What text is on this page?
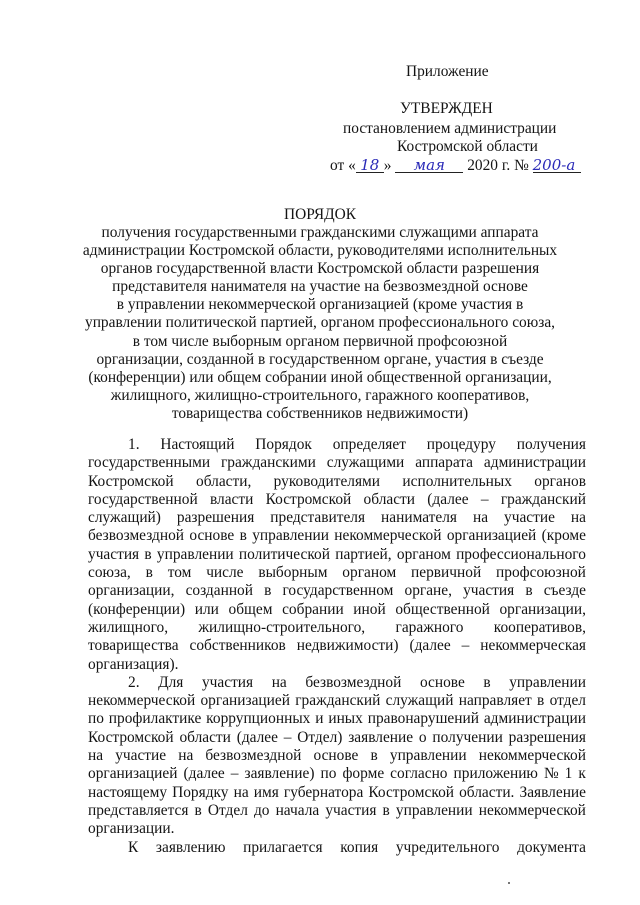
Приложение
УТВЕРЖДЕН
постановлением администрации
Костромской области
от « 18 » мая 2020 г. № 200-а
ПОРЯДОК
получения государственными гражданскими служащими аппарата
администрации Костромской области, руководителями исполнительных
органов государственной власти Костромской области разрешения
представителя нанимателя на участие на безвозмездной основе
в управлении некоммерческой организацией (кроме участия в
управлении политической партией, органом профессионального союза,
в том числе выборным органом первичной профсоюзной
организации, созданной в государственном органе, участия в съезде
(конференции) или общем собрании иной общественной организации,
жилищного, жилищно-строительного, гаражного кооперативов,
товарищества собственников недвижимости)
1. Настоящий Порядок определяет процедуру получения
государственными гражданскими служащими аппарата администрации
Костромской области, руководителями исполнительных органов
государственной власти Костромской области (далее – гражданский
служащий) разрешения представителя нанимателя на участие на
безвозмездной основе в управлении некоммерческой организацией (кроме
участия в управлении политической партией, органом профессионального
союза, в том числе выборным органом первичной профсоюзной
организации, созданной в государственном органе, участия в съезде
(конференции) или общем собрании иной общественной организации,
жилищного, жилищно-строительного, гаражного кооперативов,
товарищества собственников недвижимости) (далее – некоммерческая
организация).
2. Для участия на безвозмездной основе в управлении
некоммерческой организацией гражданский служащий направляет в отдел
по профилактике коррупционных и иных правонарушений администрации
Костромской области (далее – Отдел) заявление о получении разрешения
на участие на безвозмездной основе в управлении некоммерческой
организацией (далее – заявление) по форме согласно приложению № 1 к
настоящему Порядку на имя губернатора Костромской области. Заявление
представляется в Отдел до начала участия в управлении некоммерческой
организации.
К заявлению прилагается копия учредительного документа
